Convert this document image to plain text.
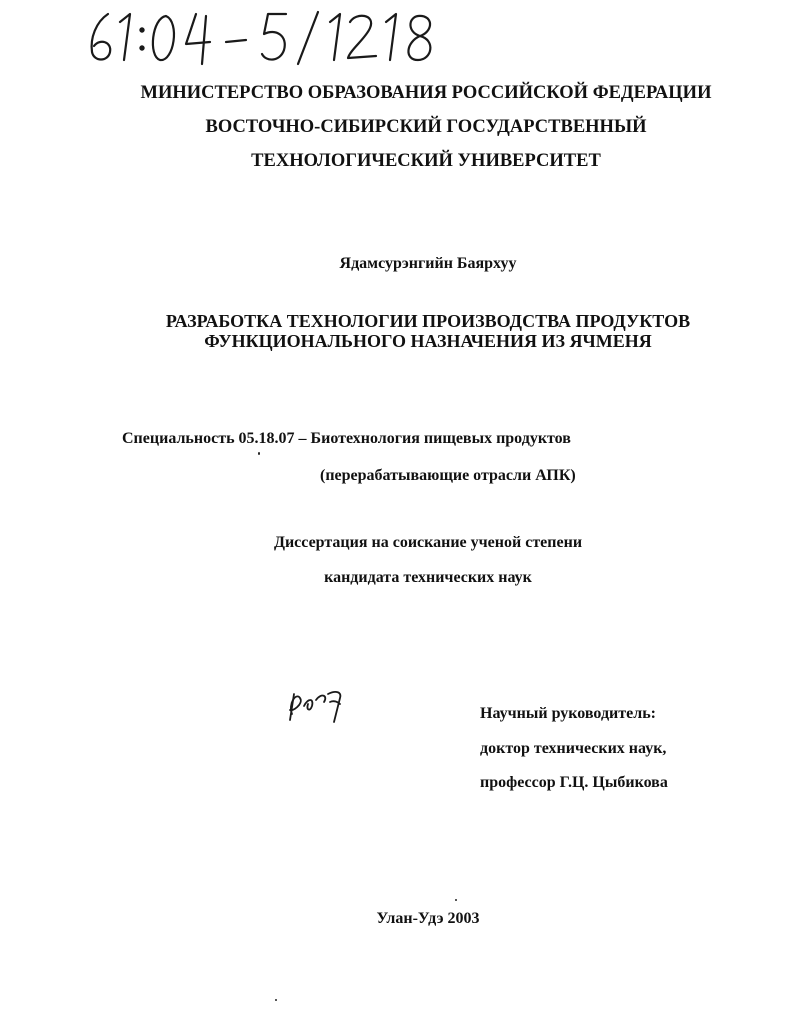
МИНИСТЕРСТВО ОБРАЗОВАНИЯ РОССИЙСКОЙ ФЕДЕРАЦИИ
ВОСТОЧНО-СИБИРСКИЙ ГОСУДАРСТВЕННЫЙ
ТЕХНОЛОГИЧЕСКИЙ УНИВЕРСИТЕТ
Ядамсурэнгийн Баярхуу
РАЗРАБОТКА ТЕХНОЛОГИИ ПРОИЗВОДСТВА ПРОДУКТОВ
ФУНКЦИОНАЛЬНОГО НАЗНАЧЕНИЯ ИЗ ЯЧМЕНЯ
Специальность 05.18.07 – Биотехнология пищевых продуктов
(перерабатывающие отрасли АПК)
Диссертация на соискание ученой степени
кандидата технических наук
Научный руководитель:
доктор технических наук,
профессор Г.Ц. Цыбикова
Улан-Удэ 2003
